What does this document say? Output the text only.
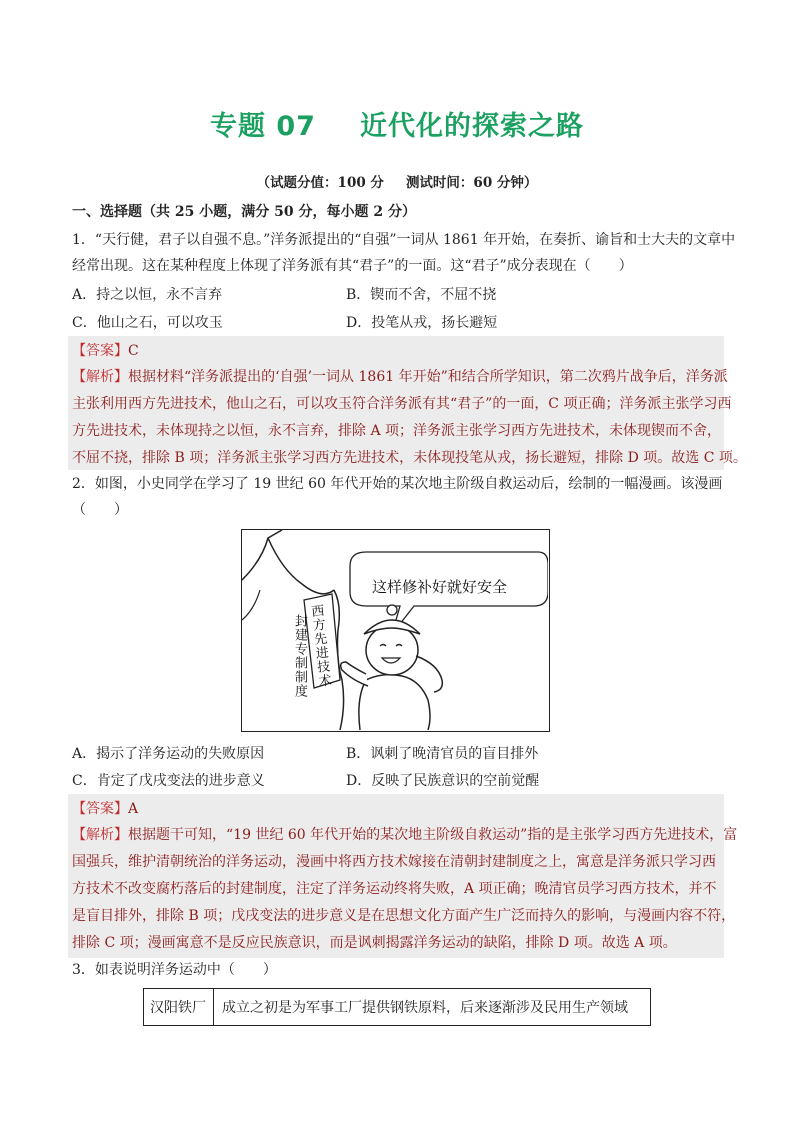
专题 07 近代化的探索之路
（试题分值：100 分 测试时间：60 分钟）
一、选择题（共 25 小题，满分 50 分，每小题 2 分）
1．“天行健，君子以自强不息。”洋务派提出的“自强”一词从 1861 年开始，在奏折、谕旨和士大夫的文章中
经常出现。这在某种程度上体现了洋务派有其“君子”的一面。这“君子”成分表现在（　　）
A．持之以恒，永不言弃	B．锲而不舍，不屈不挠
C．他山之石，可以攻玉	D．投笔从戎，扬长避短
【答案】C
【解析】根据材料“洋务派提出的‘自强’一词从 1861 年开始”和结合所学知识，第二次鸦片战争后，洋务派
主张利用西方先进技术，他山之石，可以攻玉符合洋务派有其“君子”的一面，C 项正确；洋务派主张学习西
方先进技术，未体现持之以恒，永不言弃，排除 A 项；洋务派主张学习西方先进技术，未体现锲而不舍，
不屈不挠，排除 B 项；洋务派主张学习西方先进技术，未体现投笔从戎，扬长避短，排除 D 项。故选 C 项。
2．如图，小史同学在学习了 19 世纪 60 年代开始的某次地主阶级自救运动后，绘制的一幅漫画。该漫画
（　　）
这样修补好就好安全
西方先进技术
封建专制制度
A．揭示了洋务运动的失败原因	B．讽刺了晚清官员的盲目排外
C．肯定了戊戌变法的进步意义	D．反映了民族意识的空前觉醒
【答案】A
【解析】根据题干可知，“19 世纪 60 年代开始的某次地主阶级自救运动”指的是主张学习西方先进技术，富
国强兵，维护清朝统治的洋务运动，漫画中将西方技术嫁接在清朝封建制度之上，寓意是洋务派只学习西
方技术不改变腐朽落后的封建制度，注定了洋务运动终将失败，A 项正确；晚清官员学习西方技术，并不
是盲目排外，排除 B 项；戊戌变法的进步意义是在思想文化方面产生广泛而持久的影响，与漫画内容不符，
排除 C 项；漫画寓意不是反应民族意识，而是讽刺揭露洋务运动的缺陷，排除 D 项。故选 A 项。
3．如表说明洋务运动中（　　）
汉阳铁厂	成立之初是为军事工厂提供钢铁原料，后来逐渐涉及民用生产领域
